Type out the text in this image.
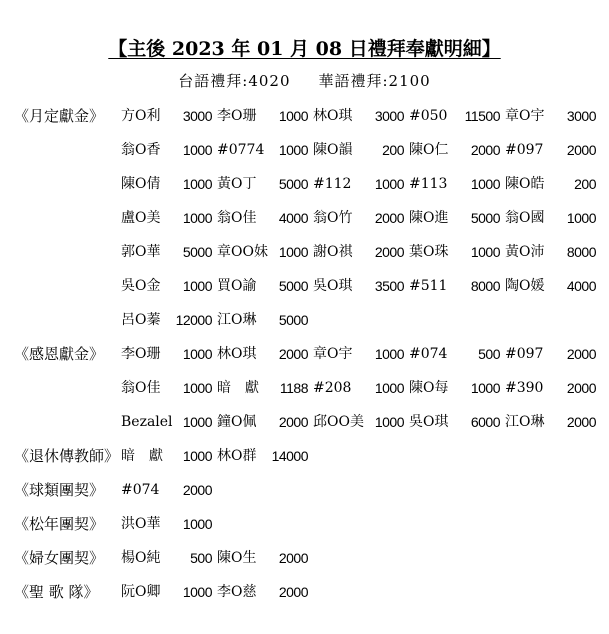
【主後 2023 年 01 月 08 日禮拜奉獻明細】
台語禮拜:4020 華語禮拜:2100
《月定獻金》	方O利	3000 李O珊	1000 林O琪	3000 #050	11500 章O宇	3000
翁O香	1000 #0774	1000 陳O韻	200 陳O仁	2000 #097	2000
陳O倩	1000 黃O丁	5000 #112	1000 #113	1000 陳O皓	200
盧O美	1000 翁O佳	4000 翁O竹	2000 陳O進	5000 翁O國	1000
郭O華	5000 章OO妹 1000 謝O祺	2000 葉O珠	1000 黃O沛	8000
吳O金	1000 買O諭	5000 吳O琪	3500 #511	8000 陶O媛	4000
呂O蓁	12000 江O琳	5000
《感恩獻金》	李O珊	1000 林O琪	2000 章O宇	1000 #074	500 #097	2000
翁O佳	1000 暗　獻	1188 #208	1000 陳O每	1000 #390	2000
Bezalel 1000 鐘O佩	2000 邱OO美 1000 吳O琪	6000 江O琳	2000
《退休傳教師》 暗　獻	1000 林O群	14000
《球類團契》	#074	2000
《松年團契》	洪O華	1000
《婦女團契》	楊O純	500 陳O生	2000
《聖 歌 隊》	阮O卿	1000 李O慈	2000
